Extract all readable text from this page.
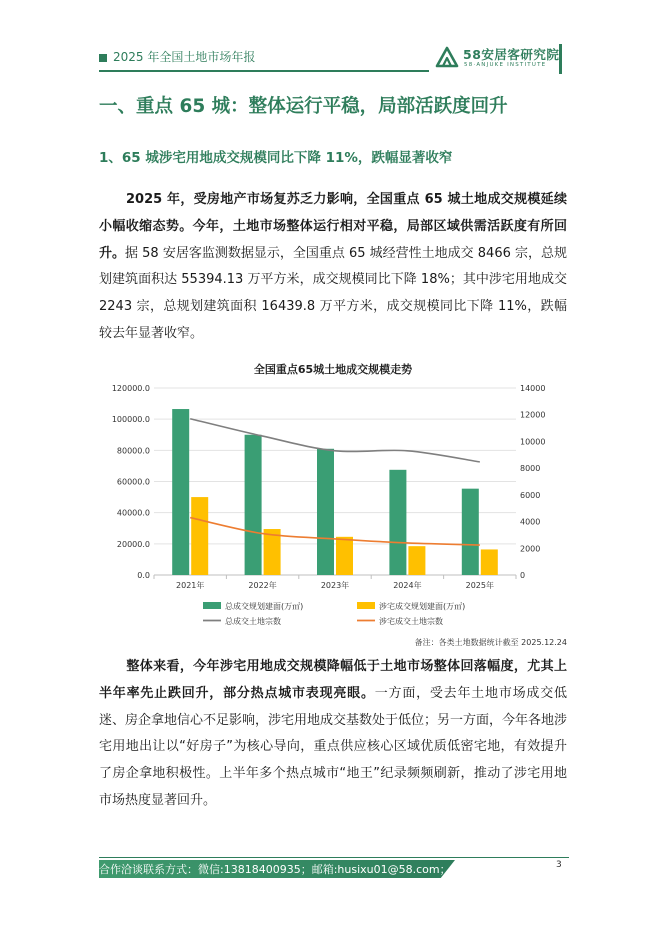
2025 年全国土地市场年报	58安居客研究院
58·ANJUKE INSTITUTE
一、重点 65 城：整体运行平稳，局部活跃度回升
1、65 城涉宅用地成交规模同比下降 11%，跌幅显著收窄
2025 年，受房地产市场复苏乏力影响，全国重点 65 城土地成交规模延续小幅收缩态势。今年，土地市场整体运行相对平稳，局部区域供需活跃度有所回升。据 58 安居客监测数据显示，全国重点 65 城经营性土地成交 8466 宗，总规划建筑面积达 55394.13 万平方米，成交规模同比下降 18%；其中涉宅用地成交 2243 宗，总规划建筑面积 16439.8 万平方米，成交规模同比下降 11%，跌幅较去年显著收窄。
全国重点65城土地成交规模走势
0.0
20000.0
40000.0
60000.0
80000.0
100000.0
120000.0
0
2000
4000
6000
8000
10000
12000
14000
2021年	2022年	2023年	2024年	2025年
总成交规划建面(万㎡)	涉宅成交规划建面(万㎡)
总成交土地宗数	涉宅成交土地宗数
备注：各类土地数据统计截至 2025.12.24
整体来看，今年涉宅用地成交规模降幅低于土地市场整体回落幅度，尤其上半年率先止跌回升，部分热点城市表现亮眼。一方面，受去年土地市场成交低迷、房企拿地信心不足影响，涉宅用地成交基数处于低位；另一方面，今年各地涉宅用地出让以“好房子”为核心导向，重点供应核心区域优质低密宅地，有效提升了房企拿地积极性。上半年多个热点城市“地王”纪录频频刷新，推动了涉宅用地市场热度显著回升。
合作洽谈联系方式：微信:13818400935；邮箱:husixu01@58.com；	3
